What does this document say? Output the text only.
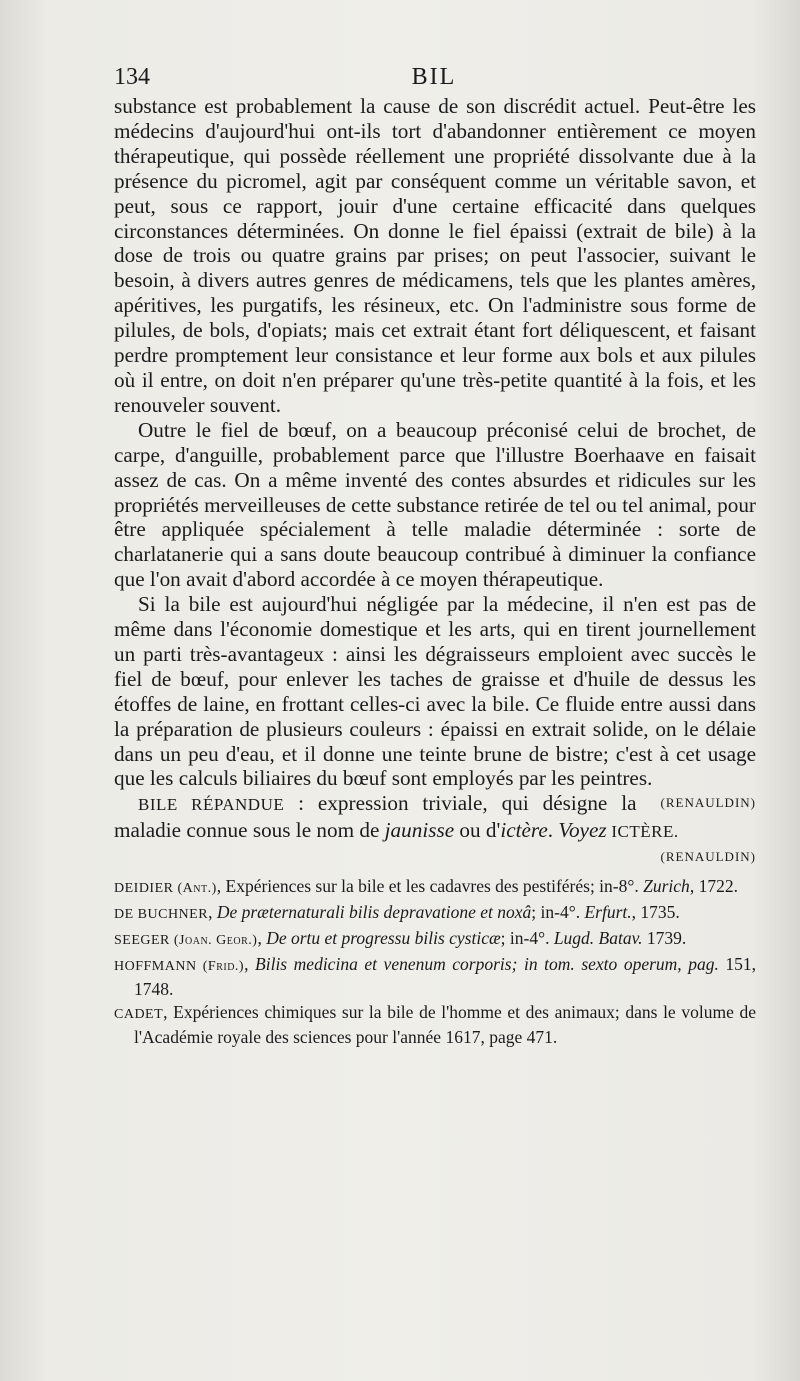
134	BIL

substance est probablement la cause de son discrédit actuel. Peut-être les médecins d'aujourd'hui ont-ils tort d'abandonner entièrement ce moyen thérapeutique, qui possède réellement une propriété dissolvante due à la présence du picromel, agit par conséquent comme un véritable savon, et peut, sous ce rapport, jouir d'une certaine efficacité dans quelques circonstances déterminées. On donne le fiel épaissi (extrait de bile) à la dose de trois ou quatre grains par prises; on peut l'associer, suivant le besoin, à divers autres genres de médicamens, tels que les plantes amères, apéritives, les purgatifs, les résineux, etc. On l'administre sous forme de pilules, de bols, d'opiats; mais cet extrait étant fort déliquescent, et faisant perdre promptement leur consistance et leur forme aux bols et aux pilules où il entre, on doit n'en préparer qu'une très-petite quantité à la fois, et les renouveler souvent.

Outre le fiel de bœuf, on a beaucoup préconisé celui de brochet, de carpe, d'anguille, probablement parce que l'illustre Boerhaave en faisait assez de cas. On a même inventé des contes absurdes et ridicules sur les propriétés merveilleuses de cette substance retirée de tel ou tel animal, pour être appliquée spécialement à telle maladie déterminée : sorte de charlatanerie qui a sans doute beaucoup contribué à diminuer la confiance que l'on avait d'abord accordée à ce moyen thérapeutique.

Si la bile est aujourd'hui négligée par la médecine, il n'en est pas de même dans l'économie domestique et les arts, qui en tirent journellement un parti très-avantageux : ainsi les dégraisseurs emploient avec succès le fiel de bœuf, pour enlever les taches de graisse et d'huile de dessus les étoffes de laine, en frottant celles-ci avec la bile. Ce fluide entre aussi dans la préparation de plusieurs couleurs : épaissi en extrait solide, on le délaie dans un peu d'eau, et il donne une teinte brune de bistre; c'est à cet usage que les calculs biliaires du bœuf sont employés par les peintres.
(RENAULDIN)

BILE RÉPANDUE : expression triviale, qui désigne la maladie connue sous le nom de jaunisse ou d'ictère. Voyez ICTÈRE.

(RENAULDIN)

DEIDIER (Ant.), Expériences sur la bile et les cadavres des pestiférés; in-8°. Zurich, 1722.

DE BUCHNER, De præternaturali bilis depravatione et noxâ; in-4°. Erfurt., 1735.

SEEGER (Joan. Geor.), De ortu et progressu bilis cysticæ; in-4°. Lugd. Batav. 1739.

HOFFMANN (Frid.), Bilis medicina et venenum corporis; in tom. sexto operum, pag. 151, 1748.

CADET, Expériences chimiques sur la bile de l'homme et des animaux; dans le volume de l'Académie royale des sciences pour l'année 1617, page 471.
